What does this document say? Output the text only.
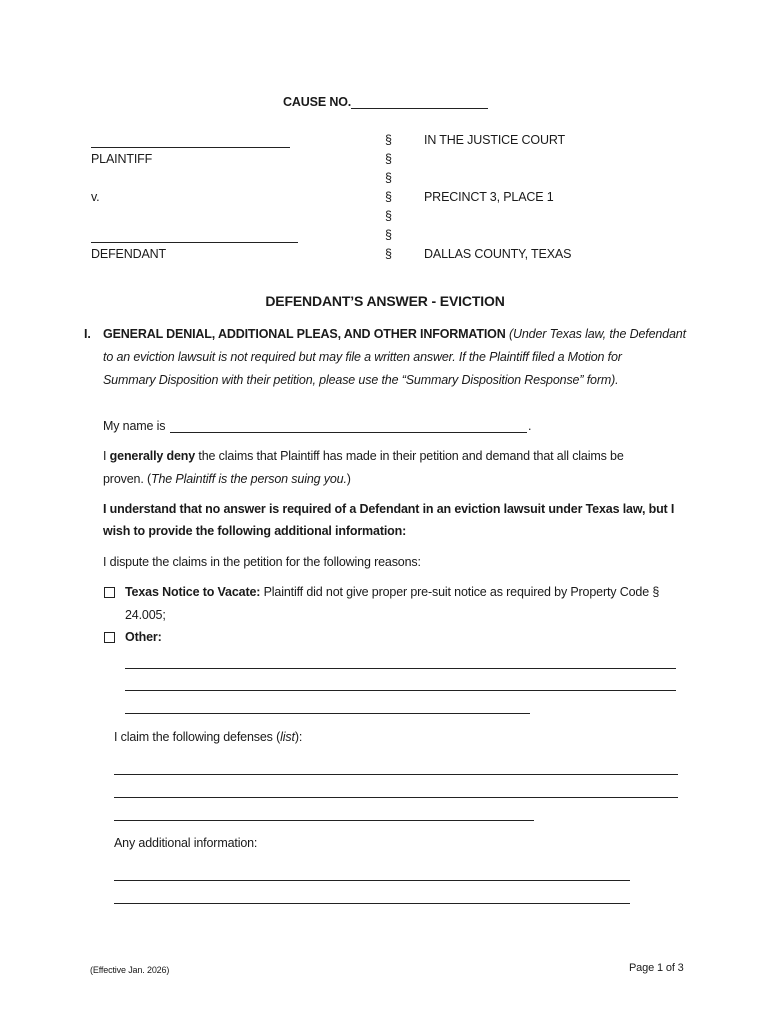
CAUSE NO.
PLAINTIFF
v.
DEFENDANT
§
§
§
§
§
§
§
IN THE JUSTICE COURT
PRECINCT 3, PLACE 1
DALLAS COUNTY, TEXAS
DEFENDANT’S ANSWER - EVICTION
I. GENERAL DENIAL, ADDITIONAL PLEAS, AND OTHER INFORMATION (Under Texas law, the Defendant
to an eviction lawsuit is not required but may file a written answer. If the Plaintiff filed a Motion for
Summary Disposition with their petition, please use the “Summary Disposition Response” form).
My name is	.
I generally deny the claims that Plaintiff has made in their petition and demand that all claims be
proven. (The Plaintiff is the person suing you.)
I understand that no answer is required of a Defendant in an eviction lawsuit under Texas law, but I
wish to provide the following additional information:
I dispute the claims in the petition for the following reasons:
Texas Notice to Vacate: Plaintiff did not give proper pre-suit notice as required by Property Code §
24.005;
Other:
I claim the following defenses (list):
Any additional information:
(Effective Jan. 2026)	Page 1 of 3
